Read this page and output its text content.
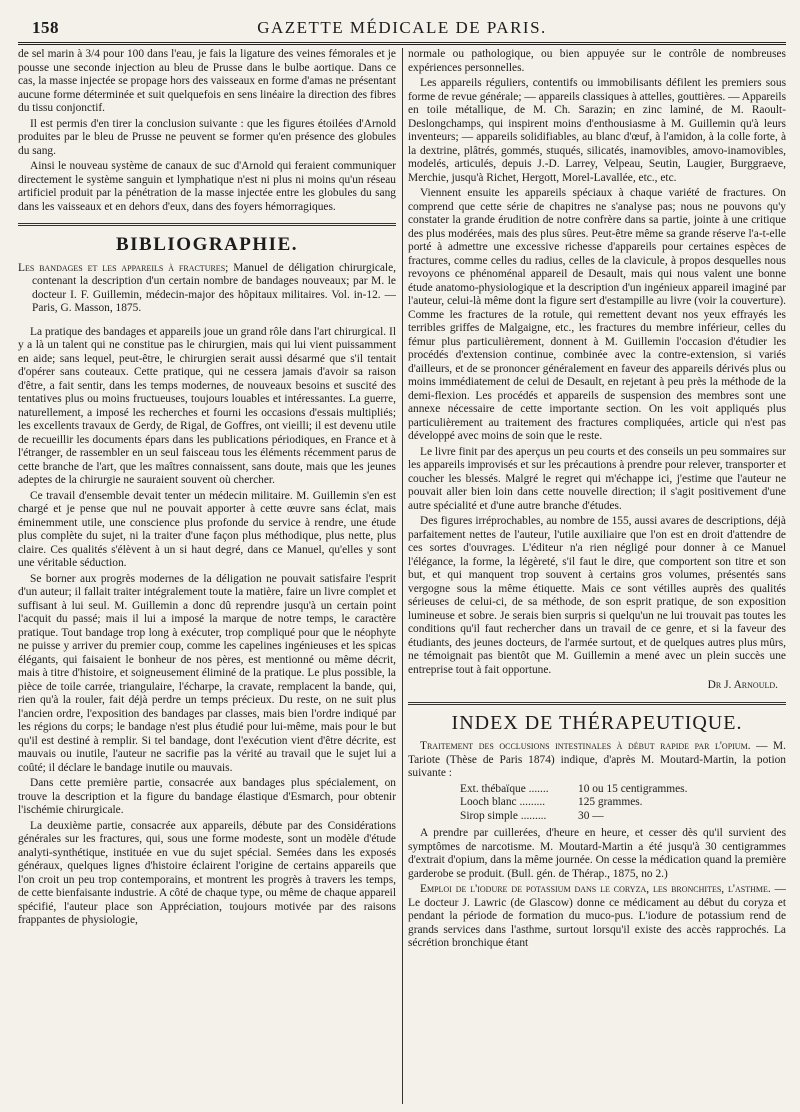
158	GAZETTE MÉDICALE DE PARIS.

de sel marin à 3/4 pour 100 dans l'eau, je fais la ligature des veines fémorales et je pousse une seconde injection au bleu de Prusse dans le bulbe aortique. Dans ce cas, la masse injectée se propage hors des vaisseaux en forme d'amas ne présentant aucune forme déterminée et suit quelquefois en sens linéaire la direction des fibres du tissu conjonctif.

Il est permis d'en tirer la conclusion suivante : que les figures étoilées d'Arnold produites par le bleu de Prusse ne peuvent se former qu'en présence des globules du sang.

Ainsi le nouveau système de canaux de suc d'Arnold qui feraient communiquer directement le système sanguin et lymphatique n'est ni plus ni moins qu'un réseau artificiel produit par la pénétration de la masse injectée entre les globules du sang dans les vaisseaux et en dehors d'eux, dans des foyers hémorragiques.

BIBLIOGRAPHIE.

Les bandages et les appareils à fractures; Manuel de déligation chirurgicale, contenant la description d'un certain nombre de bandages nouveaux; par M. le docteur I. F. Guillemin, médecin-major des hôpitaux militaires. Vol. in-12. — Paris, G. Masson, 1875.

La pratique des bandages et appareils joue un grand rôle dans l'art chirurgical. Il y a là un talent qui ne constitue pas le chirurgien, mais qui lui vient puissamment en aide; sans lequel, peut-être, le chirurgien serait aussi désarmé que s'il tentait d'opérer sans couteaux. Cette pratique, qui ne cessera jamais d'avoir sa raison d'être, a fait sentir, dans les temps modernes, de nouveaux besoins et suscité des tentatives plus ou moins fructueuses, toujours louables et intéressantes. La guerre, naturellement, a imposé les recherches et fourni les occasions d'essais multipliés; les excellents travaux de Gerdy, de Rigal, de Goffres, ont vieilli; il est devenu utile de recueillir les documents épars dans les publications périodiques, en France et à l'étranger, de rassembler en un seul faisceau tous les éléments récemment parus de cette branche de l'art, que les maîtres connaissent, sans doute, mais que les jeunes adeptes de la chirurgie ne sauraient souvent où chercher.

Ce travail d'ensemble devait tenter un médecin militaire. M. Guillemin s'en est chargé et je pense que nul ne pouvait apporter à cette œuvre sans éclat, mais éminemment utile, une conscience plus profonde du service à rendre, une étude plus complète du sujet, ni la traiter d'une façon plus méthodique, plus nette, plus claire. Ces qualités s'élèvent à un si haut degré, dans ce Manuel, qu'elles y sont une véritable séduction.

Se borner aux progrès modernes de la déligation ne pouvait satisfaire l'esprit d'un auteur; il fallait traiter intégralement toute la matière, faire un livre complet et suffisant à lui seul. M. Guillemin a donc dû reprendre jusqu'à un certain point l'acquit du passé; mais il lui a imposé la marque de notre temps, le caractère pratique. Tout bandage trop long à exécuter, trop compliqué pour que le néophyte ne puisse y arriver du premier coup, comme les capelines ingénieuses et les spicas élégants, qui faisaient le bonheur de nos pères, est mentionné ou même décrit, mais à titre d'histoire, et soigneusement éliminé de la pratique. Le plus possible, la pièce de toile carrée, triangulaire, l'écharpe, la cravate, remplacent la bande, qui, rien qu'à la rouler, fait déjà perdre un temps précieux. Du reste, on ne suit plus l'ancien ordre, l'exposition des bandages par classes, mais bien l'ordre indiqué par les régions du corps; le bandage n'est plus étudié pour lui-même, mais pour le but qu'il est destiné à remplir. Si tel bandage, dont l'exécution vient d'être décrite, est mauvais ou inutile, l'auteur ne sacrifie pas la vérité au travail que le sujet lui a coûté; il déclare le bandage inutile ou mauvais.

Dans cette première partie, consacrée aux bandages plus spécialement, on trouve la description et la figure du bandage élastique d'Esmarch, pour obtenir l'ischémie chirurgicale.

La deuxième partie, consacrée aux appareils, débute par des Considérations générales sur les fractures, qui, sous une forme modeste, sont un modèle d'étude analyti-synthétique, instituée en vue du sujet spécial. Semées dans les exposés généraux, quelques lignes d'histoire éclairent l'origine de certains appareils que l'on croit un peu trop contemporains, et montrent les progrès à travers les temps, de cette bienfaisante industrie. A côté de chaque type, ou même de chaque appareil spécifié, l'auteur place son Appréciation, toujours motivée par des raisons frappantes de physiologie,

normale ou pathologique, ou bien appuyée sur le contrôle de nombreuses expériences personnelles.

Les appareils réguliers, contentifs ou immobilisants défilent les premiers sous forme de revue générale; — appareils classiques à attelles, gouttières. — Appareils en toile métallique, de M. Ch. Sarazin; en zinc laminé, de M. Raoult-Deslongchamps, qui inspirent moins d'enthousiasme à M. Guillemin qu'à leurs inventeurs; — appareils solidifiables, au blanc d'œuf, à l'amidon, à la colle forte, à la dextrine, plâtrés, gommés, stuqués, silicatés, inamovibles, amovo-inamovibles, modelés, articulés, depuis J.-D. Larrey, Velpeau, Seutin, Laugier, Burggraeve, Merchie, jusqu'à Richet, Hergott, Morel-Lavallée, etc., etc.

Viennent ensuite les appareils spéciaux à chaque variété de fractures. On comprend que cette série de chapitres ne s'analyse pas; nous ne pouvons qu'y constater la grande érudition de notre confrère dans sa partie, jointe à une critique des plus modérées, mais des plus sûres. Peut-être même sa grande réserve l'a-t-elle porté à admettre une excessive richesse d'appareils pour certaines espèces de fractures, comme celles du radius, celles de la clavicule, à propos desquelles nous revoyons ce phénoménal appareil de Desault, mais qui nous valent une bonne étude anatomo-physiologique et la description d'un ingénieux appareil imaginé par l'auteur, celui-là même dont la figure sert d'estampille au livre (voir la couverture). Comme les fractures de la rotule, qui remettent devant nos yeux effrayés les terribles griffes de Malgaigne, etc., les fractures du membre inférieur, celles du fémur plus particulièrement, donnent à M. Guillemin l'occasion d'étudier les procédés d'extension continue, combinée avec la contre-extension, si variés d'ailleurs, et de se prononcer généralement en faveur des appareils dérivés plus ou moins immédiatement de celui de Desault, en rejetant à peu près la méthode de la demi-flexion. Les procédés et appareils de suspension des membres sont une annexe nécessaire de cette importante section. On les voit appliqués plus particulièrement au traitement des fractures compliquées, article qui n'est pas développé avec moins de soin que le reste.

Le livre finit par des aperçus un peu courts et des conseils un peu sommaires sur les appareils improvisés et sur les précautions à prendre pour relever, transporter et coucher les blessés. Malgré le regret qui m'échappe ici, j'estime que l'auteur ne pouvait aller bien loin dans cette nouvelle direction; il s'agit positivement d'une autre spécialité et d'une autre branche d'études.

Des figures irréprochables, au nombre de 155, aussi avares de descriptions, déjà parfaitement nettes de l'auteur, l'utile auxiliaire que l'on est en droit d'attendre de ces sortes d'ouvrages. L'éditeur n'a rien négligé pour donner à ce Manuel l'élégance, la forme, la légèreté, s'il faut le dire, que comportent son titre et son but, et qui manquent trop souvent à certains gros volumes, présentés sans vergogne sous la même étiquette. Mais ce sont vétilles auprès des qualités sérieuses de celui-ci, de sa méthode, de son esprit pratique, de son exposition lumineuse et sobre. Je serais bien surpris si quelqu'un ne lui trouvait pas toutes les conditions qu'il faut rechercher dans un travail de ce genre, et si la faveur des étudiants, des jeunes docteurs, de l'armée surtout, et de quelques autres plus mûrs, ne témoignait pas bientôt que M. Guillemin a mené avec un plein succès une entreprise tout à fait opportune.

Dr J. Arnould.

INDEX DE THÉRAPEUTIQUE.

Traitement des occlusions intestinales à début rapide par l'opium. — M. Tariote (Thèse de Paris 1874) indique, d'après M. Moutard-Martin, la potion suivante :

Ext. thébaïque .......	10 ou 15 centigrammes.
Looch blanc .........	125 grammes.
Sirop simple .........	30 —

A prendre par cuillerées, d'heure en heure, et cesser dès qu'il survient des symptômes de narcotisme. M. Moutard-Martin a été jusqu'à 30 centigrammes d'extrait d'opium, dans la même journée. On cesse la médication quand la première garderobe se produit. (Bull. gén. de Thérap., 1875, no 2.)

Emploi de l'iodure de potassium dans le coryza, les bronchites, l'asthme. — Le docteur J. Lawric (de Glascow) donne ce médicament au début du coryza et pendant la période de formation du muco-pus. L'iodure de potassium rend de grands services dans l'asthme, surtout lorsqu'il existe des accès rapprochés. La sécrétion bronchique étant
